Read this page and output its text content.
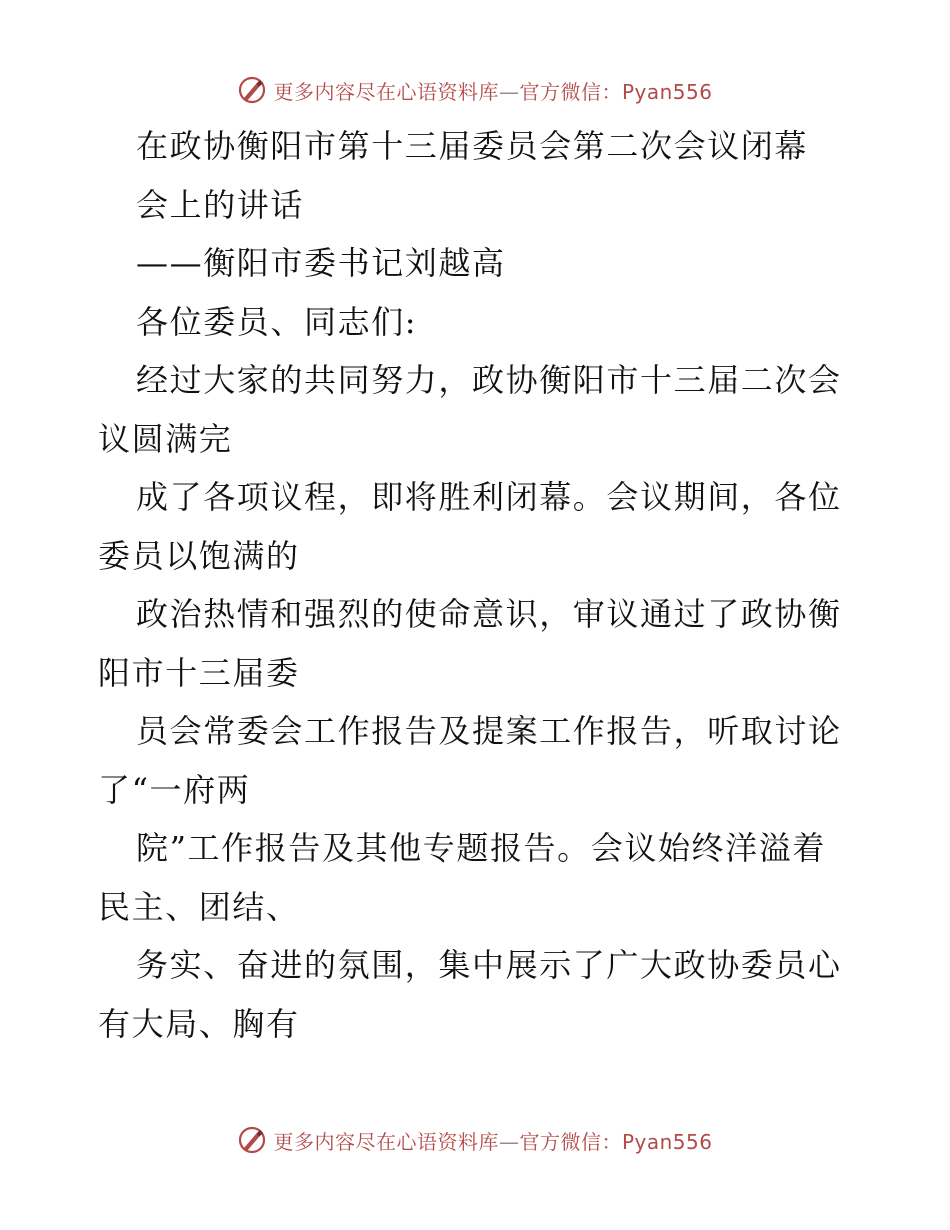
更多内容尽在心语资料库—官方微信：Pyan556
在政协衡阳市第十三届委员会第二次会议闭幕
会上的讲话
——衡阳市委书记刘越高
各位委员、同志们:
经过大家的共同努力，政协衡阳市十三届二次会
议圆满完
成了各项议程，即将胜利闭幕。会议期间，各位
委员以饱满的
政治热情和强烈的使命意识，审议通过了政协衡
阳市十三届委
员会常委会工作报告及提案工作报告，听取讨论
了“一府两
院”工作报告及其他专题报告。会议始终洋溢着
民主、团结、
务实、奋进的氛围，集中展示了广大政协委员心
有大局、胸有
更多内容尽在心语资料库—官方微信：Pyan556
